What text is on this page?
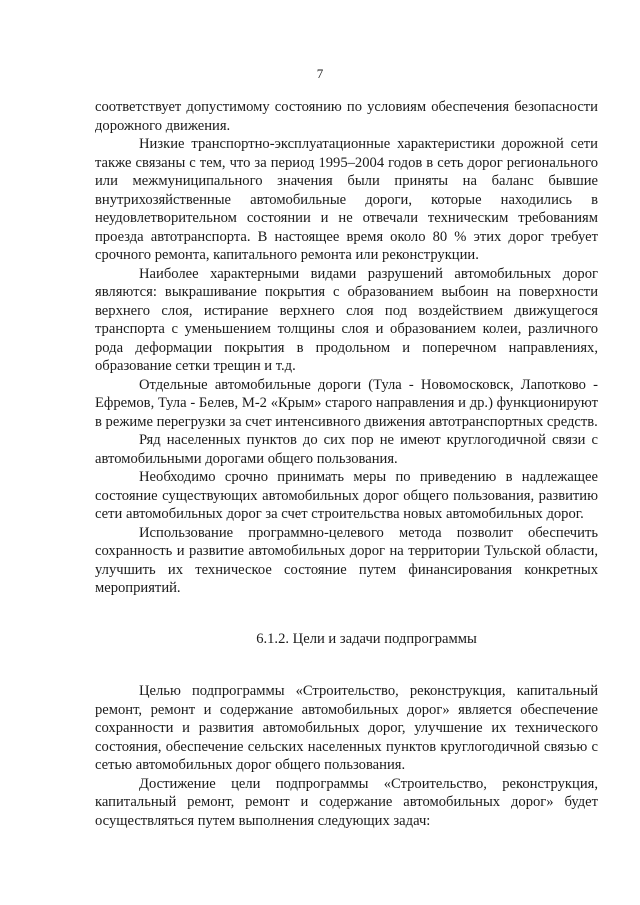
7

соответствует допустимому состоянию по условиям обеспечения безопасности дорожного движения.

Низкие транспортно-эксплуатационные характеристики дорожной сети также связаны с тем, что за период 1995–2004 годов в сеть дорог регионального или межмуниципального значения были приняты на баланс бывшие внутрихозяйственные автомобильные дороги, которые находились в неудовлетворительном состоянии и не отвечали техническим требованиям проезда автотранспорта. В настоящее время около 80 % этих дорог требует срочного ремонта, капитального ремонта или реконструкции.

Наиболее характерными видами разрушений автомобильных дорог являются: выкрашивание покрытия с образованием выбоин на поверхности верхнего слоя, истирание верхнего слоя под воздействием движущегося транспорта с уменьшением толщины слоя и образованием колеи, различного рода деформации покрытия в продольном и поперечном направлениях, образование сетки трещин и т.д.

Отдельные автомобильные дороги (Тула - Новомосковск, Лапотково - Ефремов, Тула - Белев, М-2 «Крым» старого направления и др.) функционируют в режиме перегрузки за счет интенсивного движения автотранспортных средств.

Ряд населенных пунктов до сих пор не имеют круглогодичной связи с автомобильными дорогами общего пользования.

Необходимо срочно принимать меры по приведению в надлежащее состояние существующих автомобильных дорог общего пользования, развитию сети автомобильных дорог за счет строительства новых автомобильных дорог.

Использование программно-целевого метода позволит обеспечить сохранность и развитие автомобильных дорог на территории Тульской области, улучшить их техническое состояние путем финансирования конкретных мероприятий.

6.1.2. Цели и задачи подпрограммы

Целью подпрограммы «Строительство, реконструкция, капитальный ремонт, ремонт и содержание автомобильных дорог» является обеспечение сохранности и развития автомобильных дорог, улучшение их технического состояния, обеспечение сельских населенных пунктов круглогодичной связью с сетью автомобильных дорог общего пользования.

Достижение цели подпрограммы «Строительство, реконструкция, капитальный ремонт, ремонт и содержание автомобильных дорог» будет осуществляться путем выполнения следующих задач:
